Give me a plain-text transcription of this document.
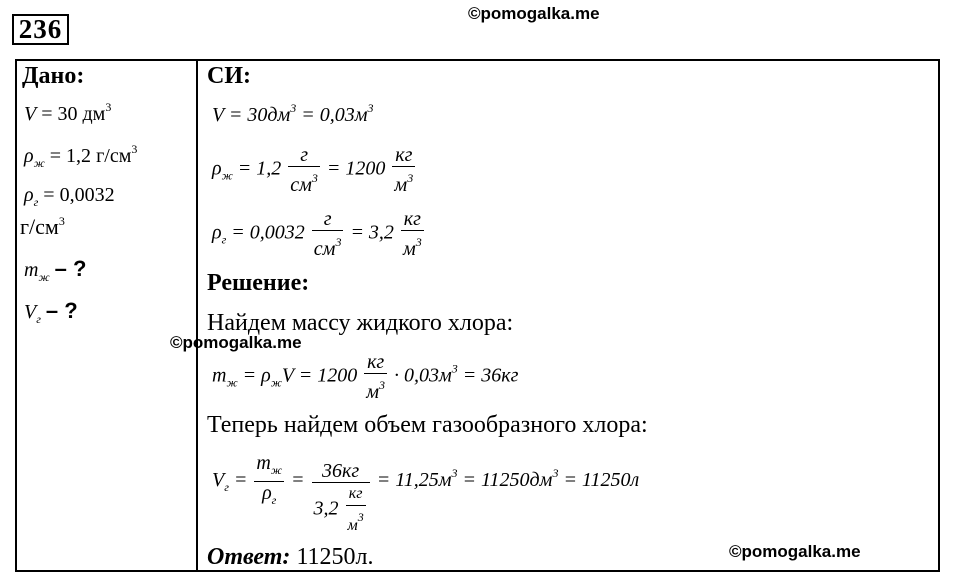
236
©pomogalka.me
Дано:
V = 30 $дм^3$
$\rho_ж = 1,2$ $г/см^3$
$\rho_г = 0,0032$
$г/см^3$
$m_ж$ – ?
$V_г$ – ?
©pomogalka.me
СИ:
$V = 30дм^3 = 0,03м^3$
$\rho_ж = 1,2 \frac{г}{см^3} = 1200 \frac{кг}{м^3}$
$\rho_г = 0,0032 \frac{г}{см^3} = 3,2 \frac{кг}{м^3}$
Решение:
Найдем массу жидкого хлора:
$m_ж = \rho_жV = 1200 \frac{кг}{м^3} \cdot 0,03м^3 = 36кг$
Теперь найдем объем газообразного хлора:
$V_г = \frac{m_ж}{\rho_г} = \frac{36кг}{3,2 \frac{кг}{м^3}} = 11,25м^3 = 11250дм^3 = 11250л$
Ответ: 11250л.	©pomogalka.me
